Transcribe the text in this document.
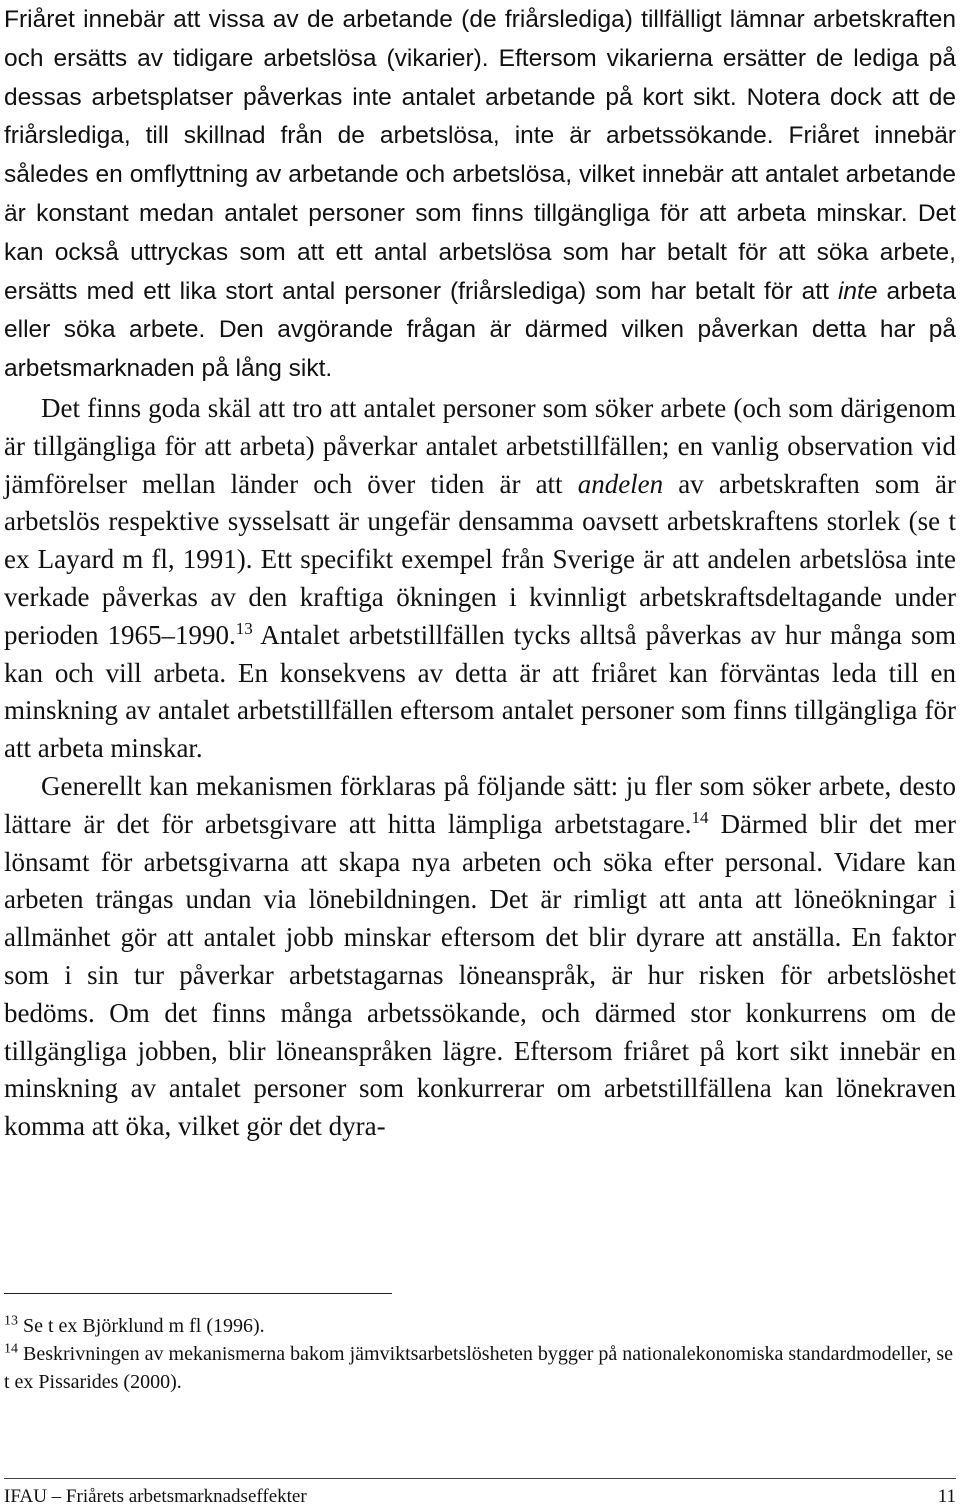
Friåret innebär att vissa av de arbetande (de friårslediga) tillfälligt lämnar arbetskraften och ersätts av tidigare arbetslösa (vikarier). Eftersom vikarierna ersätter de lediga på dessas arbetsplatser påverkas inte antalet arbetande på kort sikt. Notera dock att de friårslediga, till skillnad från de arbetslösa, inte är arbetssökande. Friåret innebär således en omflyttning av arbetande och arbetslösa, vilket innebär att antalet arbetande är konstant medan antalet personer som finns tillgängliga för att arbeta minskar. Det kan också uttryckas som att ett antal arbetslösa som har betalt för att söka arbete, ersätts med ett lika stort antal personer (friårslediga) som har betalt för att inte arbeta eller söka arbete. Den avgörande frågan är därmed vilken påverkan detta har på arbetsmarknaden på lång sikt.

Det finns goda skäl att tro att antalet personer som söker arbete (och som därigenom är tillgängliga för att arbeta) påverkar antalet arbetstillfällen; en vanlig observation vid jämförelser mellan länder och över tiden är att andelen av arbetskraften som är arbetslös respektive sysselsatt är ungefär densamma oavsett arbetskraftens storlek (se t ex Layard m fl, 1991). Ett specifikt exempel från Sverige är att andelen arbetslösa inte verkade påverkas av den kraftiga ökningen i kvinnligt arbetskraftsdeltagande under perioden 1965–1990.13 Antalet arbetstillfällen tycks alltså påverkas av hur många som kan och vill arbeta. En konsekvens av detta är att friåret kan förväntas leda till en minskning av antalet arbetstillfällen eftersom antalet personer som finns tillgängliga för att arbeta minskar.

Generellt kan mekanismen förklaras på följande sätt: ju fler som söker arbete, desto lättare är det för arbetsgivare att hitta lämpliga arbetstagare.$^{14}$ Därmed blir det mer lönsamt för arbetsgivarna att skapa nya arbeten och söka efter personal. Vidare kan arbeten trängas undan via lönebildningen. Det är rimligt att anta att löneökningar i allmänhet gör att antalet jobb minskar eftersom det blir dyrare att anställa. En faktor som i sin tur påverkar arbetstagarnas löneanspråk, är hur risken för arbetslöshet bedöms. Om det finns många arbetssökande, och därmed stor konkurrens om de tillgängliga jobben, blir löneanspråken lägre. Eftersom friåret på kort sikt innebär en minskning av antalet personer som konkurrerar om arbetstillfällena kan lönekraven komma att öka, vilket gör det dyra-

$^{13}$ Se t ex Björklund m fl (1996).

$^{14}$ Beskrivningen av mekanismerna bakom jämviktsarbetslösheten bygger på nationalekonomiska standardmodeller, se t ex Pissarides (2000).

IFAU – Friårets arbetsmarknadseffekter	11
